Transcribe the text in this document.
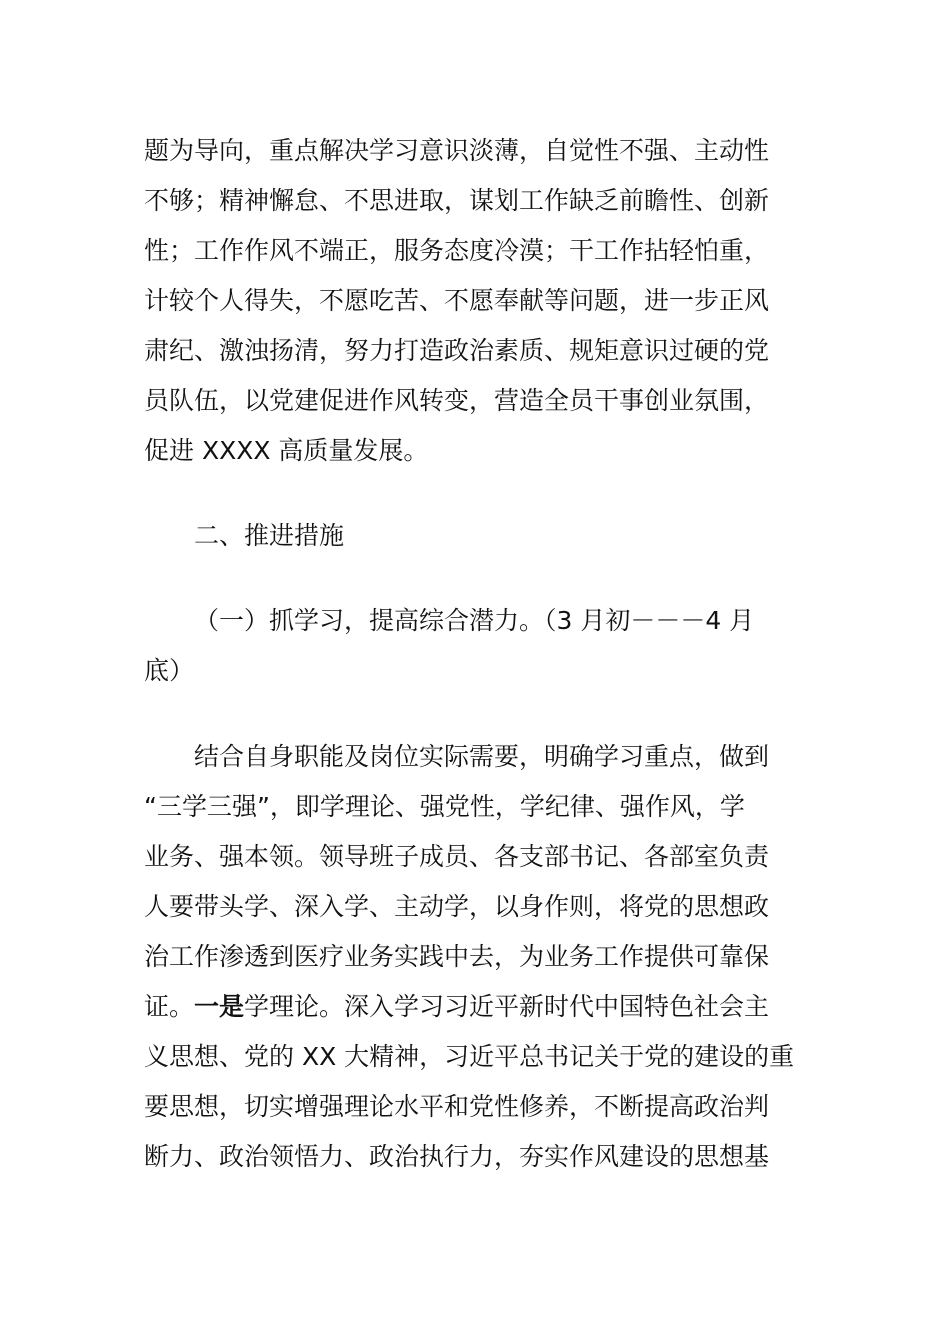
题为导向，重点解决学习意识淡薄，自觉性不强、主动性
不够；精神懈怠、不思进取，谋划工作缺乏前瞻性、创新
性；工作作风不端正，服务态度冷漠；干工作拈轻怕重，
计较个人得失，不愿吃苦、不愿奉献等问题，进一步正风
肃纪、激浊扬清，努力打造政治素质、规矩意识过硬的党
员队伍，以党建促进作风转变，营造全员干事创业氛围，
促进 XXXX 高质量发展。
二、推进措施
（一）抓学习，提高综合潜力。（3 月初－－－4 月
底）
结合自身职能及岗位实际需要，明确学习重点，做到
“三学三强”，即学理论、强党性，学纪律、强作风，学
业务、强本领。领导班子成员、各支部书记、各部室负责
人要带头学、深入学、主动学，以身作则，将党的思想政
治工作渗透到医疗业务实践中去，为业务工作提供可靠保
证。一是学理论。深入学习习近平新时代中国特色社会主
义思想、党的 XX 大精神，习近平总书记关于党的建设的重
要思想，切实增强理论水平和党性修养，不断提高政治判
断力、政治领悟力、政治执行力，夯实作风建设的思想基
